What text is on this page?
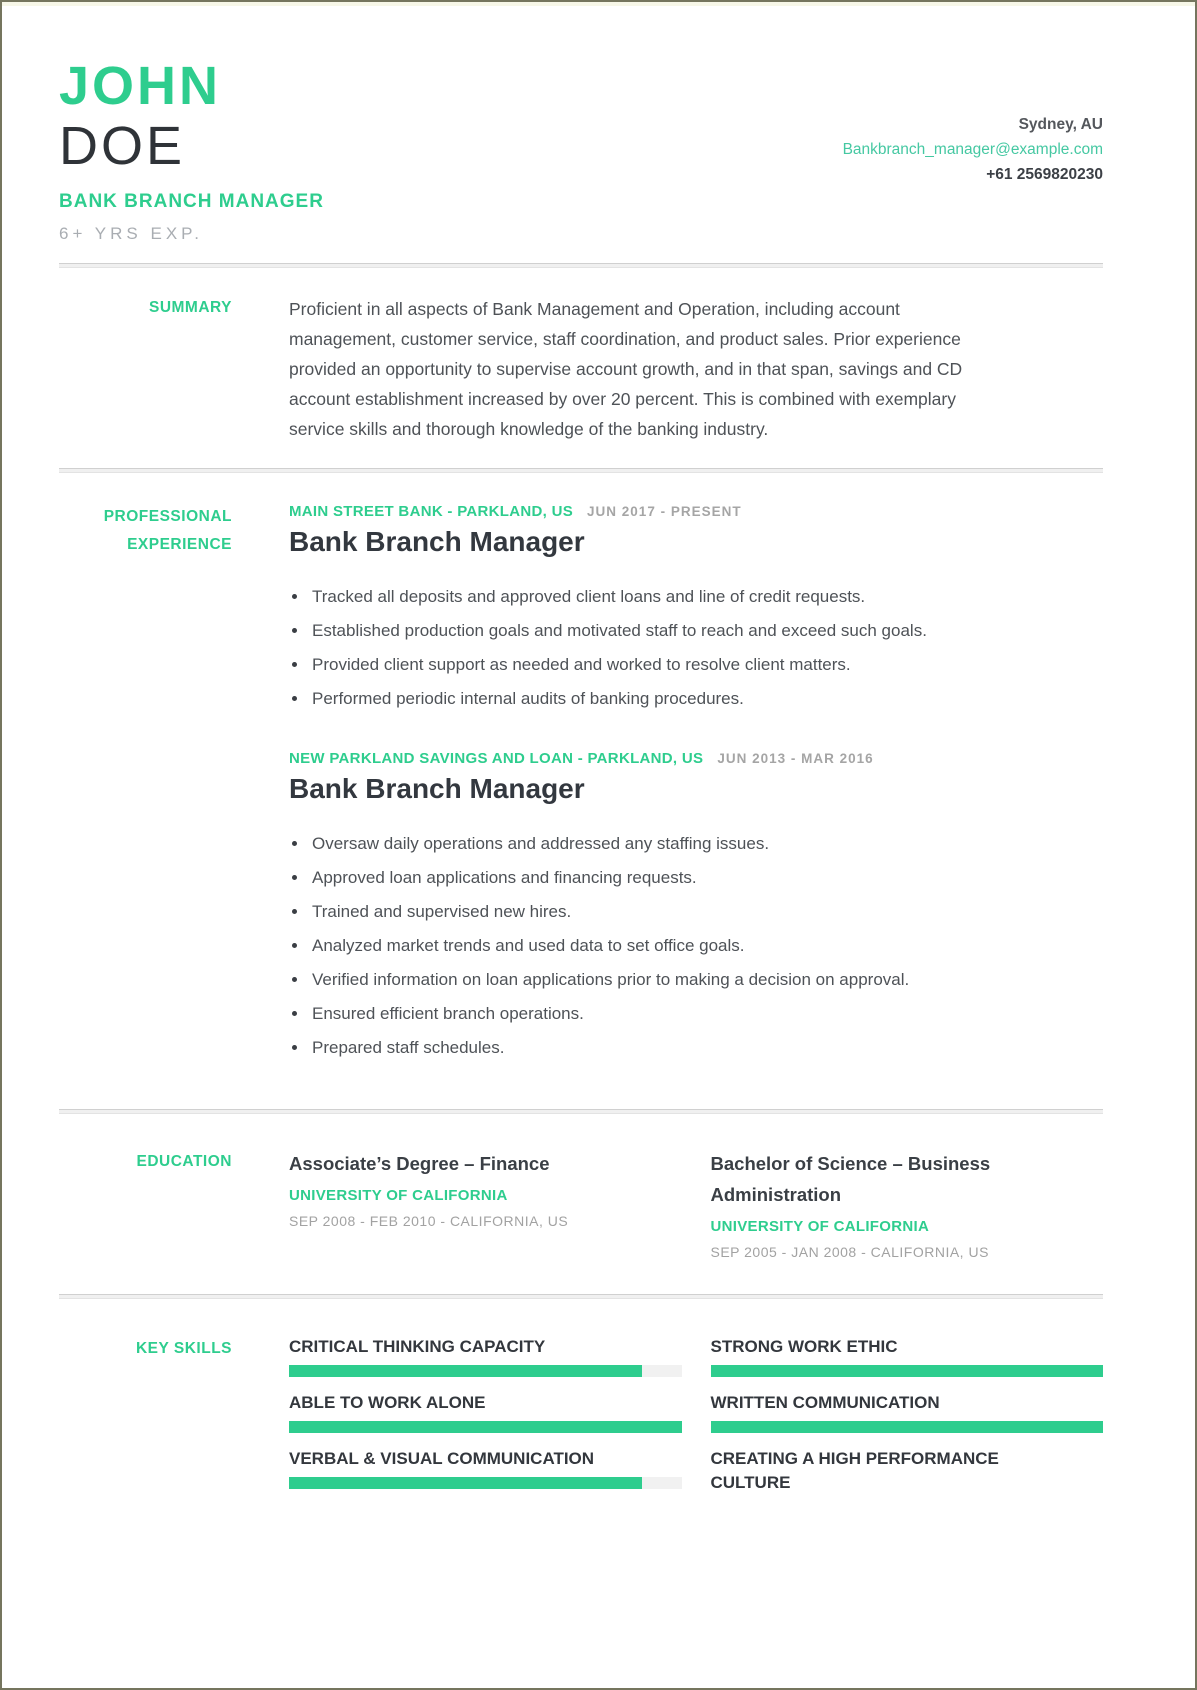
JOHN
DOE
BANK BRANCH MANAGER
6+ YRS EXP.
Sydney, AU
Bankbranch_manager@example.com
+61 2569820230
SUMMARY	Proficient in all aspects of Bank Management and Operation, including account management, customer service, staff coordination, and product sales. Prior experience provided an opportunity to supervise account growth, and in that span, savings and CD account establishment increased by over 20 percent. This is combined with exemplary service skills and thorough knowledge of the banking industry.

PROFESSIONAL EXPERIENCE
MAIN STREET BANK - PARKLAND, US JUN 2017 - PRESENT
Bank Branch Manager
Tracked all deposits and approved client loans and line of credit requests.
Established production goals and motivated staff to reach and exceed such goals.
Provided client support as needed and worked to resolve client matters.
Performed periodic internal audits of banking procedures.
NEW PARKLAND SAVINGS AND LOAN - PARKLAND, US JUN 2013 - MAR 2016
Bank Branch Manager
Oversaw daily operations and addressed any staffing issues.
Approved loan applications and financing requests.
Trained and supervised new hires.
Analyzed market trends and used data to set office goals.
Verified information on loan applications prior to making a decision on approval.
Ensured efficient branch operations.
Prepared staff schedules.
EDUCATION	Associate’s Degree – Finance
UNIVERSITY OF CALIFORNIA
SEP 2008 - FEB 2010 - CALIFORNIA, US
Bachelor of Science – Business Administration
UNIVERSITY OF CALIFORNIA
SEP 2005 - JAN 2008 - CALIFORNIA, US
KEY SKILLS	CRITICAL THINKING CAPACITY	STRONG WORK ETHIC
ABLE TO WORK ALONE	WRITTEN COMMUNICATION
VERBAL & VISUAL COMMUNICATION	CREATING A HIGH PERFORMANCE CULTURE
